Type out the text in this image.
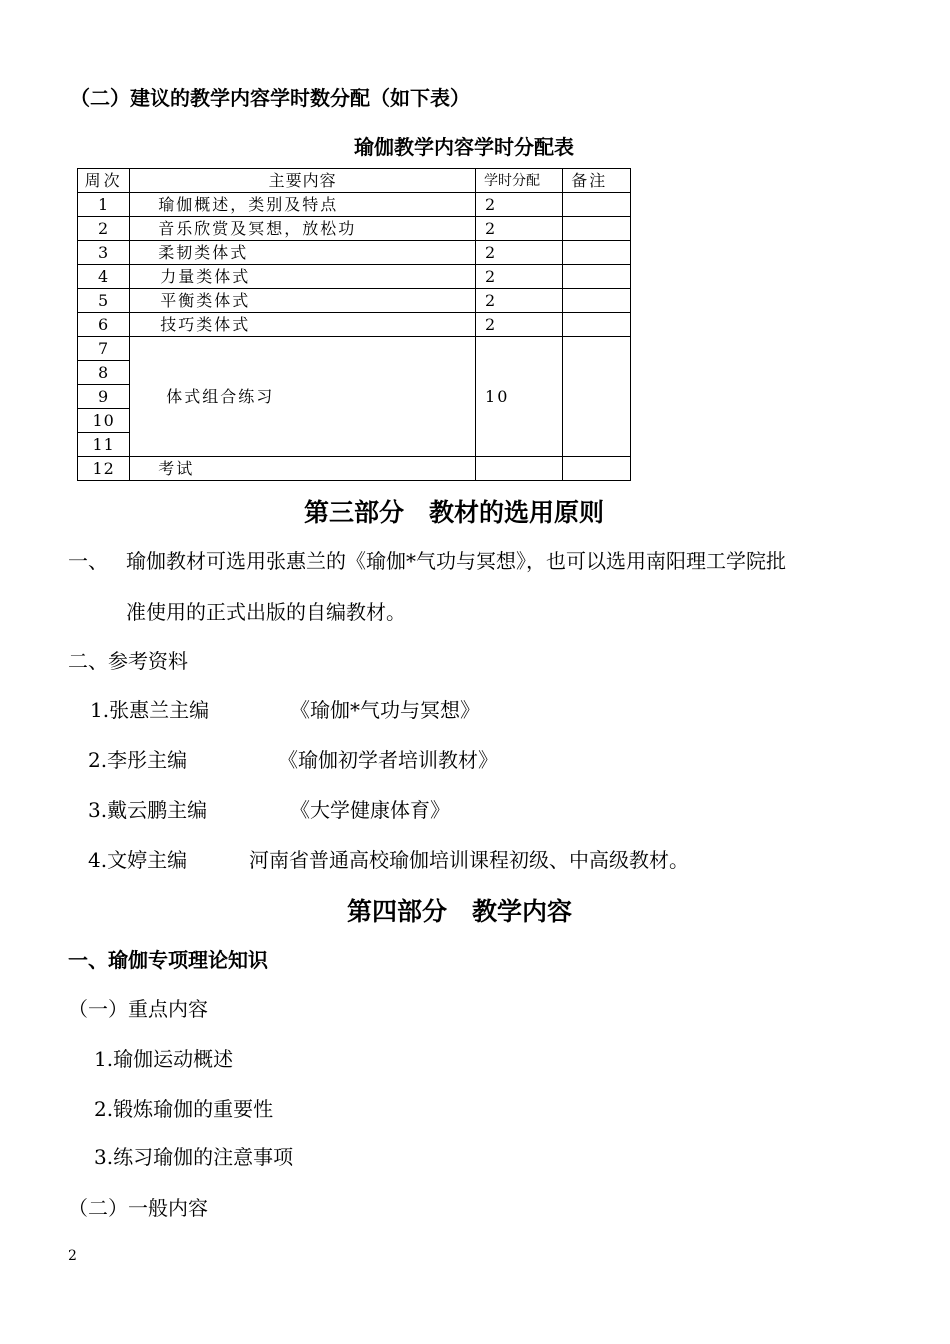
（二）建议的教学内容学时数分配（如下表）
瑜伽教学内容学时分配表
周次	主要内容	学时分配	备注
1	瑜伽概述，类别及特点	2	
2	音乐欣赏及冥想，放松功	2	
3	柔韧类体式	2	
4	力量类体式	2	
5	平衡类体式	2	
6	技巧类体式	2	
7	体式组合练习	10	
8			
9			
10			
11			
12	考试		
第三部分　教材的选用原则
一、 瑜伽教材可选用张惠兰的《瑜伽*气功与冥想》，也可以选用南阳理工学院批
准使用的正式出版的自编教材。
二、参考资料
1.张惠兰主编	《瑜伽*气功与冥想》
2.李彤主编	《瑜伽初学者培训教材》
3.戴云鹏主编	《大学健康体育》
4.文婷主编	河南省普通高校瑜伽培训课程初级、中高级教材。
第四部分　教学内容
一、瑜伽专项理论知识
（一）重点内容
1.瑜伽运动概述
2.锻炼瑜伽的重要性
3.练习瑜伽的注意事项
（二）一般内容
2
